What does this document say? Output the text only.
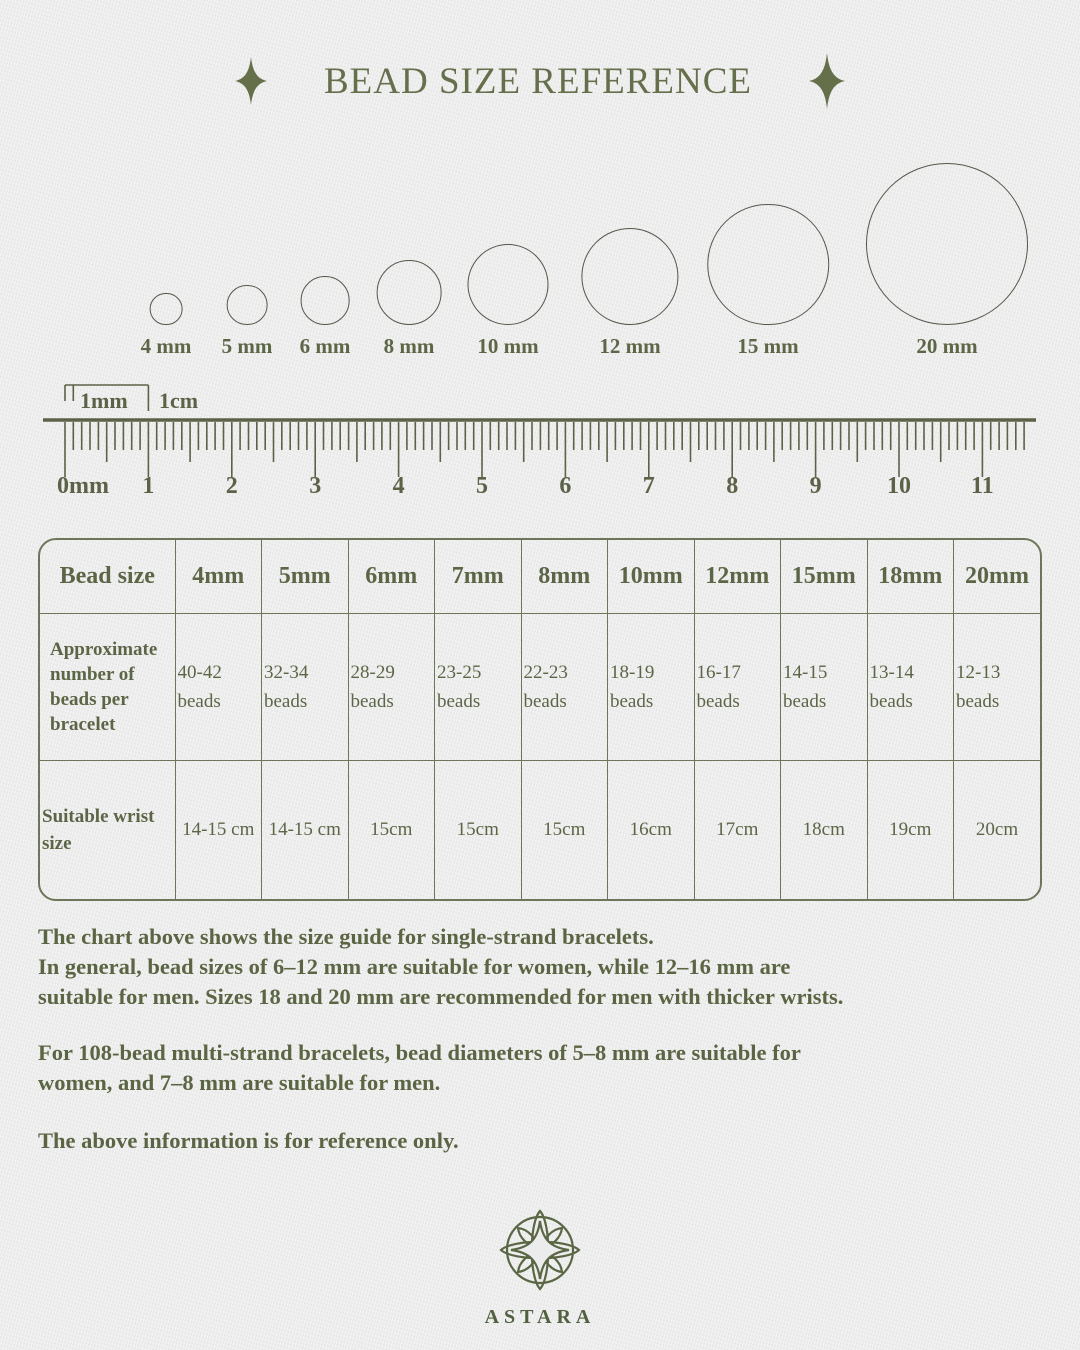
BEAD SIZE REFERENCE
4 mm 5 mm 6 mm 8 mm 10 mm	12 mm	15 mm	20 mm
1mm 1cm
0mm 1	2	3	4	5	6	7	8	9	10	11
Bead size	4mm	5mm	6mm	7mm	8mm	10mm	12mm	15mm	18mm	20mm
Approximate number of beads per bracelet	40-42 beads	32-34 beads	28-29 beads	23-25 beads	22-23 beads	18-19 beads	16-17 beads	14-15 beads	13-14 beads	12-13 beads
Suitable wrist size	14-15 cm	14-15 cm	15cm	15cm	15cm	16cm	17cm	18cm	19cm	20cm
The chart above shows the size guide for single-strand bracelets.
In general, bead sizes of 6–12 mm are suitable for women, while 12–16 mm are
suitable for men. Sizes 18 and 20 mm are recommended for men with thicker wrists.
For 108-bead multi-strand bracelets, bead diameters of 5–8 mm are suitable for
women, and 7–8 mm are suitable for men.
The above information is for reference only.
ASTARA
